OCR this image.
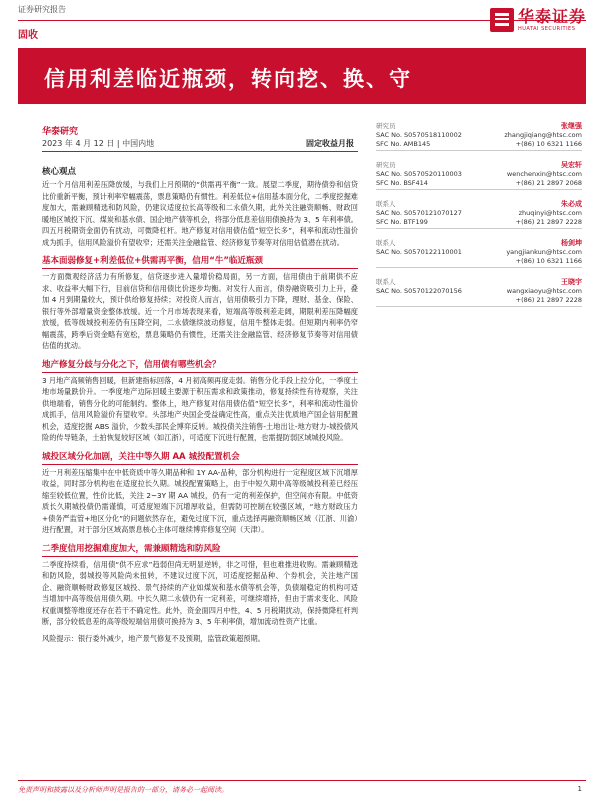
证券研究报告	华泰证券
HUATAI SECURITIES
固收
信用利差临近瓶颈，转向挖、换、守
华泰研究
2023 年 4 月 12 日 | 中国内地	固定收益月报
核心观点

近一个月信用利差压降放缓，与我们上月预期的“供需再平衡”一致。展望二季度，期待债券和信贷比价重新平衡，预计利率窄幅震荡，票息策略仍有惯性。利差低位+信用基本面分化，二季度挖掘难度加大，需兼顾精选和防风险，仍建议适度拉长高等级和二永债久期，此外关注融资顺畅、财政回暖地区城投下沉、煤炭和基水债、国企地产债等机会，将部分低息差信用债换持为 3、5 年利率债。四五月税期资金面仍有扰动，可微降杠杆。地产修复对信用债估值“短空长多”，利率和流动性溢价成为抓手，信用风险溢价有望收窄；还需关注金融监管、经济修复节奏等对信用估值潜在扰动。

基本面弱修复+利差低位+供需再平衡，信用“牛”临近瓶颈

一方面微观经济活力有所修复，信贷逐步进入量增价稳局面，另一方面，信用债由于前期供不应求、收益率大幅下行，目前信贷和信用债比价逐步均衡。对发行人而言，债券融资吸引力上升，叠加 4 月到期量较大，预计供给修复持续；对投资人而言，信用债吸引力下降，理财、基金、保险、银行等外部增量资金整体放缓。近一个月市场表现来看，短端高等级利差走阔，期限利差压降幅度放缓，低等级城投利差仍有压降空间，二永债继续波动修复，信用牛整体走弱。但短期内利率仍窄幅震荡，跨季后资金略有宽松，票息策略仍有惯性，还需关注金融监管、经济修复节奏等对信用债估值的扰动。

地产修复分歧与分化之下，信用债有哪些机会？

3 月地产高频销售回暖，但新建指标回落，4 月初高频再度走弱。销售分化手段上拉分化，一季度土地市场量跌价升。一季度地产边际回暖主要源于积压需求和政策推动，修复持续性有待观察，关注供地端看，销售分化的可能制约。整体上，地产修复对信用债估值“短空长多”，利率和流动性溢价成抓手，信用风险溢价有望收窄。头部地产央国企受益确定性高，重点关注优质地产国企信用配置机会，适度挖掘 ABS 溢价，少数头部民企博弈反转。城投债关注销售-土地出让-地方财力-城投债风险的传导链条，土拍恢复较好区域（如江浙），可适度下沉进行配置，也需提防弱区域城投风险。

城投区域分化加剧，关注中等久期 AA 城投配置机会

近一月利差压缩集中在中低资质中等久期品种和 1Y AA-品种，部分机构进行一定程度区域下沉增厚收益，同时部分机构也在适度拉长久期。城投配置策略上，由于中短久期中高等级城投利差已经压缩至较低位置，性价比低，关注 2~3Y 期 AA 城投，仍有一定的利差保护，但空间亦有限。中低资质长久期城投债仍需谨慎，可适度短端下沉增厚收益，但需防可控制在较强区域，“地方财政压力+债务严监管+地区分化”的问题依然存在，避免过度下沉，重点选择再融资顺畅区域（江浙、川渝）进行配置，对于部分区域高票息核心主体可继续博弈修复空间（天津）。

二季度信用挖掘难度加大，需兼顾精选和防风险

二季度持续看，信用债“供不应求”趋弱但尚无明显逆转，非之可惜，但也难推进收购。需兼顾精选和防风险，弱城投等风险尚未扭转，不建议过度下沉，可适度挖掘品种、个券机会，关注地产国企、融资顺畅财政修复区城投、景气持续的产业如煤炭和基水债等机会等，负债端稳定的机构可适当增加中高等级信用债久期。中长久期二永债仍有一定利差，可继续增持，但由于需求变化、风险权重调整等维度还存在若干不确定性。此外，资金面四月中性，4、5 月税期扰动，保持微降杠杆判断，部分较低息差的高等级短端信用债可换持为 3、5 年利率债，增加流动性资产比重。

风险提示：银行委外减少，地产景气修复不及预期，监管政策超预期。

研究员	张继强
SAC No. S0570518110002	zhangjiqiang@htsc.com
SFC No. AMB145	+(86) 10 6321 1166
研究员	吴宏轩
SAC No. S0570520110003	wenchenxin@htsc.com
SFC No. BSF414	+(86) 21 2897 2068
联系人	朱必成
SAC No. S0570121070127	zhuqinyi@htsc.com
SFC No. BTF199	+(86) 21 2897 2228
联系人	杨剑坤
SAC No. S0570122110001	yangjiankun@htsc.com
+(86) 10 6321 1166
联系人	王晓宇
SAC No. S0570122070156	wangxiaoyu@htsc.com
+(86) 21 2897 2228
免责声明和披露以及分析师声明是报告的一部分，请务必一起阅读。	1
